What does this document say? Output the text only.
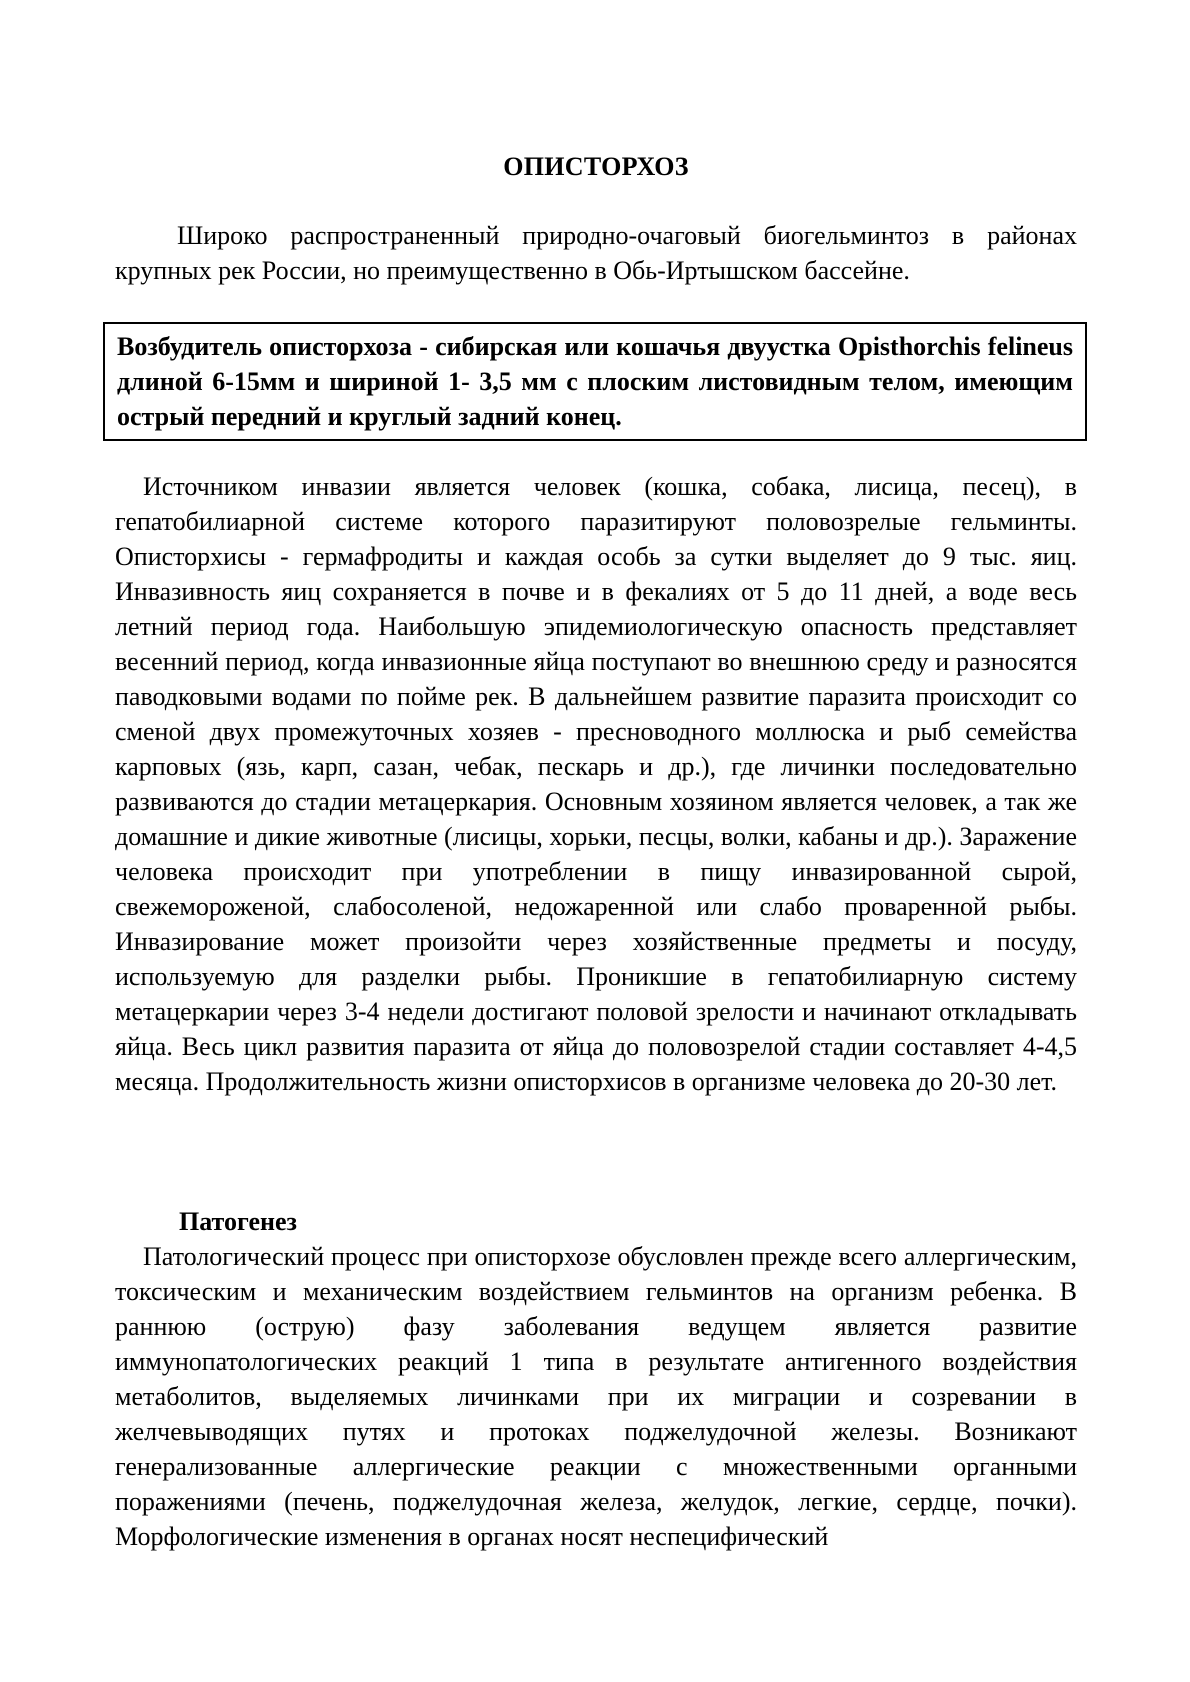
ОПИСТОРХОЗ

Широко распространенный природно-очаговый биогельминтоз в районах крупных рек России, но преимущественно в Обь-Иртышском бассейне.

Возбудитель описторхоза - сибирская или кошачья двуустка Opisthorchis felineus длиной 6-15мм и шириной 1- 3,5 мм с плоским листовидным телом, имеющим острый передний и круглый задний конец.

Источником инвазии является человек (кошка, собака, лисица, песец), в гепатобилиарной системе которого паразитируют половозрелые гельминты. Описторхисы - гермафродиты и каждая особь за сутки выделяет до 9 тыс. яиц. Инвазивность яиц сохраняется в почве и в фекалиях от 5 до 11 дней, а воде весь летний период года. Наибольшую эпидемиологическую опасность представляет весенний период, когда инвазионные яйца поступают во внешнюю среду и разносятся паводковыми водами по пойме рек. В дальнейшем развитие паразита происходит со сменой двух промежуточных хозяев - пресноводного моллюска и рыб семейства карповых (язь, карп, сазан, чебак, пескарь и др.), где личинки последовательно развиваются до стадии метацеркария. Основным хозяином является человек, а так же домашние и дикие животные (лисицы, хорьки, песцы, волки, кабаны и др.). Заражение человека происходит при употреблении в пищу инвазированной сырой, свежемороженой, слабосоленой, недожаренной или слабо проваренной рыбы. Инвазирование может произойти через хозяйственные предметы и посуду, используемую для разделки рыбы. Проникшие в гепатобилиарную систему метацеркарии через 3-4 недели достигают половой зрелости и начинают откладывать яйца. Весь цикл развития паразита от яйца до половозрелой стадии составляет 4-4,5 месяца. Продолжительность жизни описторхисов в организме человека до 20-30 лет.

Патогенез

Патологический процесс при описторхозе обусловлен прежде всего аллергическим, токсическим и механическим воздействием гельминтов на организм ребенка. В раннюю (острую) фазу заболевания ведущем является развитие иммунопатологических реакций 1 типа в результате антигенного воздействия метаболитов, выделяемых личинками при их миграции и созревании в желчевыводящих путях и протоках поджелудочной железы. Возникают генерализованные аллергические реакции с множественными органными поражениями (печень, поджелудочная железа, желудок, легкие, сердце, почки). Морфологические изменения в органах носят неспецифический
